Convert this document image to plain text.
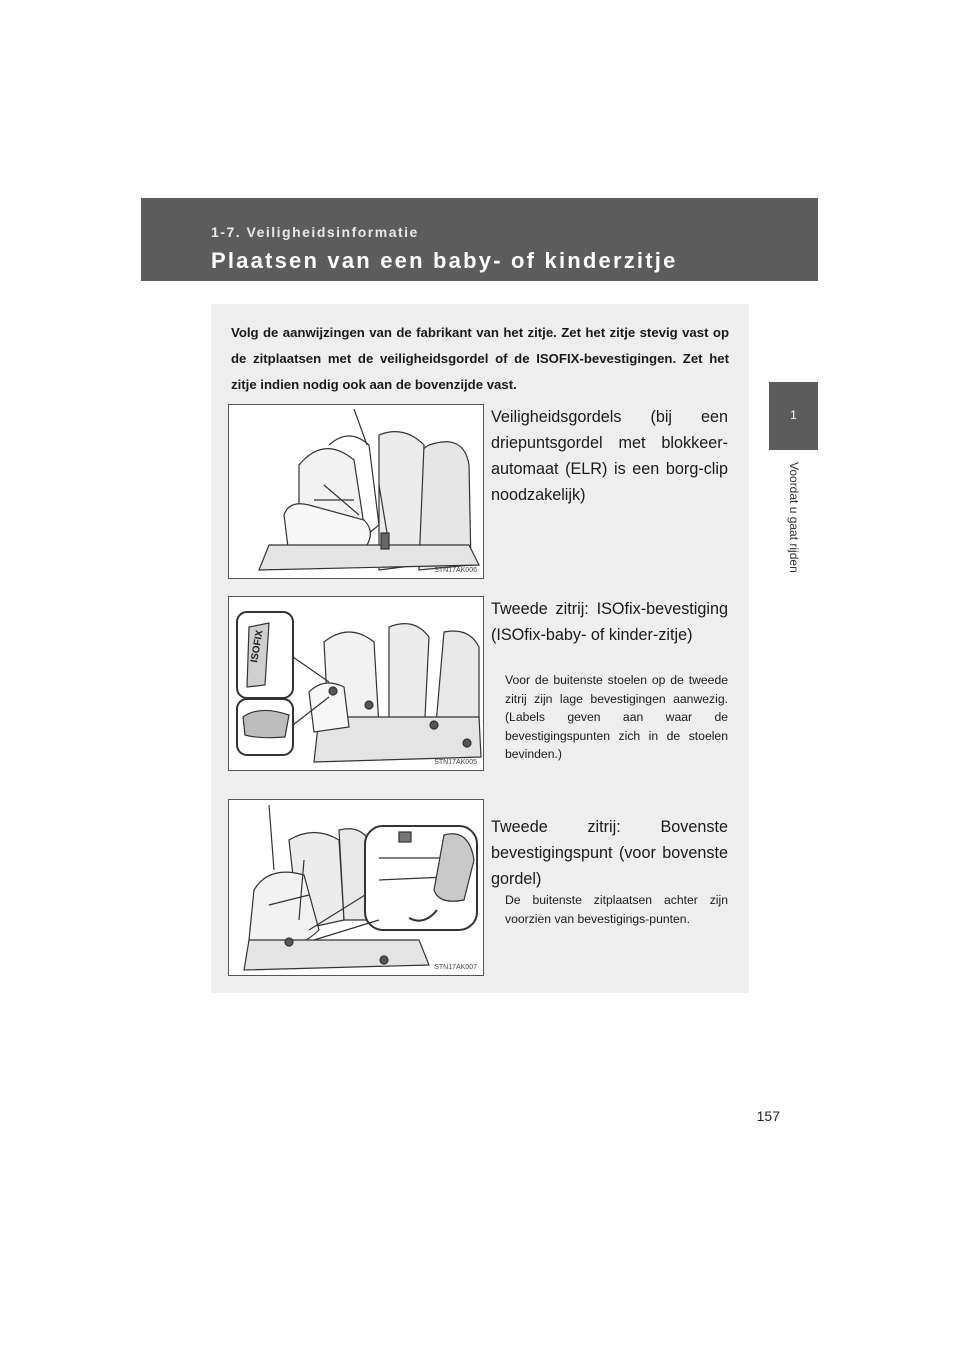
1-7. Veiligheidsinformatie
Plaatsen van een baby- of kinderzitje
1
Voordat u gaat rijden
Volg de aanwijzingen van de fabrikant van het zitje. Zet het zitje stevig vast op de zitplaatsen met de veiligheidsgordel of de ISOFIX-bevestigingen. Zet het zitje indien nodig ook aan de bovenzijde vast.
STN17AK006
Veiligheidsgordels (bij een driepuntsgordel met blokkeer-automaat (ELR) is een borg-clip noodzakelijk)
ISOFIX
STN17AK005
Tweede zitrij: ISOfix-bevestiging (ISOfix-baby- of kinder-zitje)
Voor de buitenste stoelen op de tweede zitrij zijn lage bevestigingen aanwezig. (Labels geven aan waar de bevestigingspunten zich in de stoelen bevinden.)
STN17AK007
Tweede zitrij: Bovenste bevestigingspunt (voor bovenste gordel)
De buitenste zitplaatsen achter zijn voorzien van bevestigings-punten.
157
